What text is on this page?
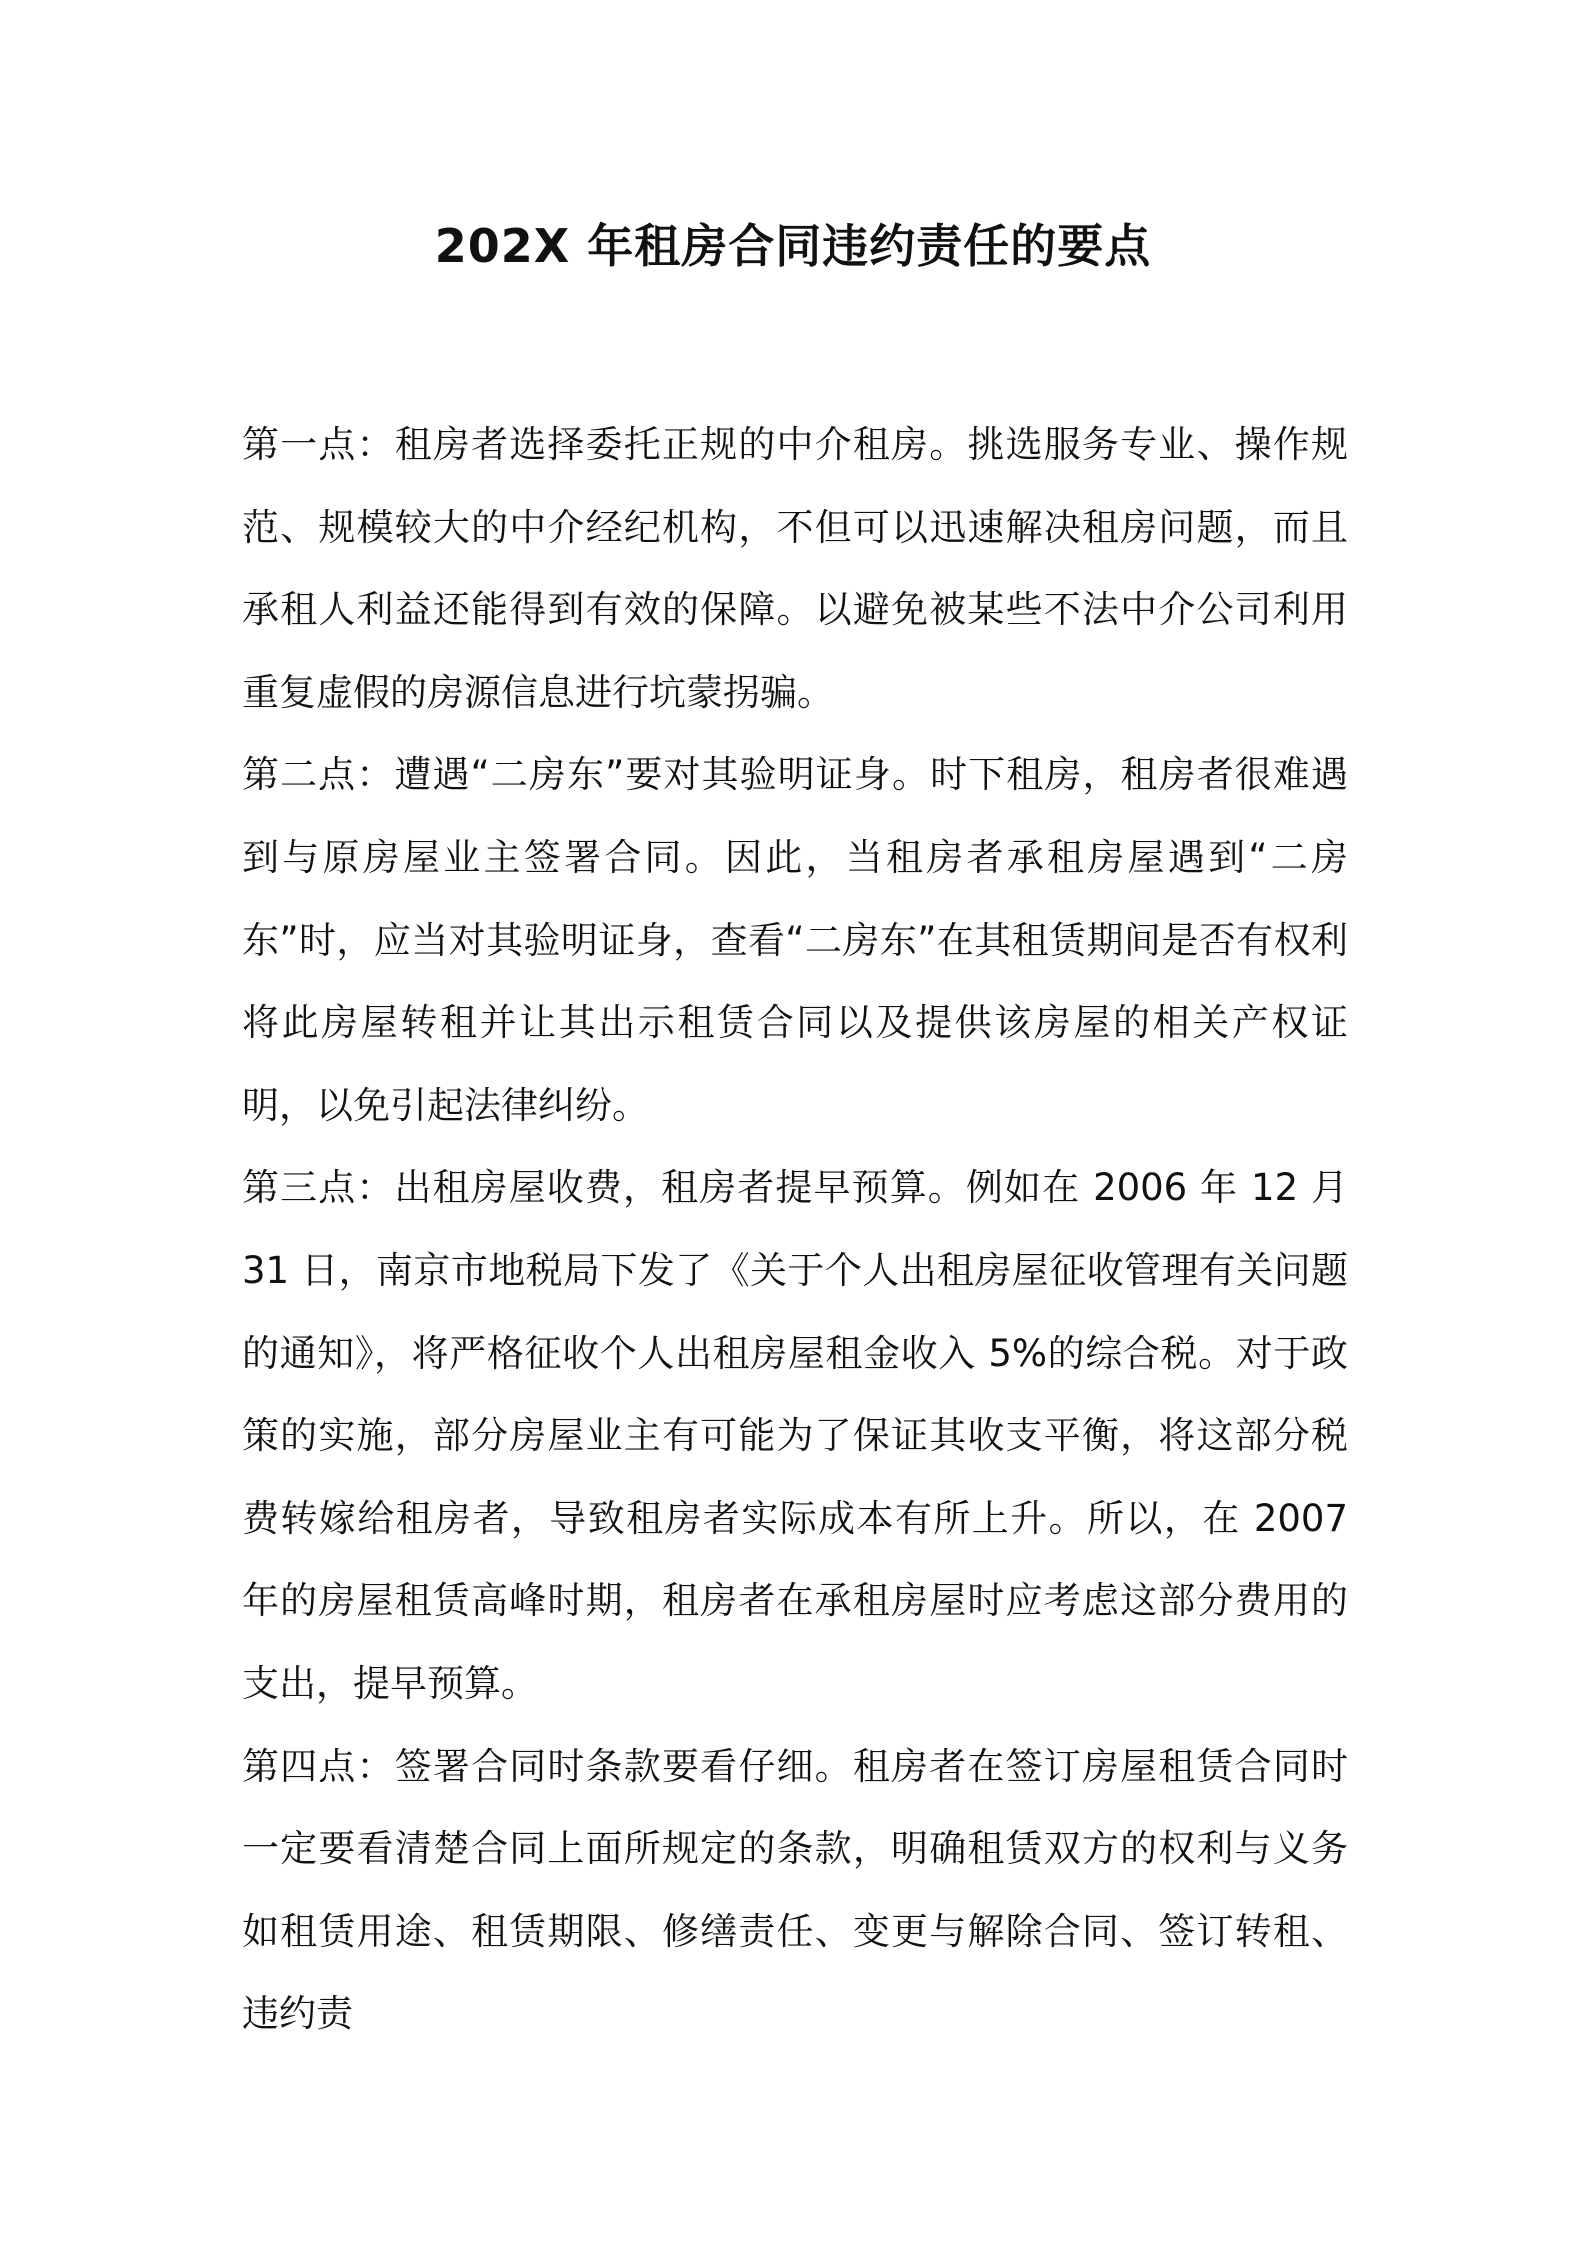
202X 年租房合同违约责任的要点

第一点：租房者选择委托正规的中介租房。挑选服务专业、操作规范、规模较大的中介经纪机构，不但可以迅速解决租房问题，而且承租人利益还能得到有效的保障。以避免被某些不法中介公司利用重复虚假的房源信息进行坑蒙拐骗。

第二点：遭遇“二房东”要对其验明证身。时下租房，租房者很难遇到与原房屋业主签署合同。因此，当租房者承租房屋遇到“二房东”时，应当对其验明证身，查看“二房东”在其租赁期间是否有权利将此房屋转租并让其出示租赁合同以及提供该房屋的相关产权证明，以免引起法律纠纷。

第三点：出租房屋收费，租房者提早预算。例如在 2006 年 12 月 31 日，南京市地税局下发了《关于个人出租房屋征收管理有关问题的通知》，将严格征收个人出租房屋租金收入 5%的综合税。对于政策的实施，部分房屋业主有可能为了保证其收支平衡，将这部分税费转嫁给租房者，导致租房者实际成本有所上升。所以，在 2007 年的房屋租赁高峰时期，租房者在承租房屋时应考虑这部分费用的支出，提早预算。

第四点：签署合同时条款要看仔细。租房者在签订房屋租赁合同时一定要看清楚合同上面所规定的条款，明确租赁双方的权利与义务如租赁用途、租赁期限、修缮责任、变更与解除合同、签订转租、违约责
